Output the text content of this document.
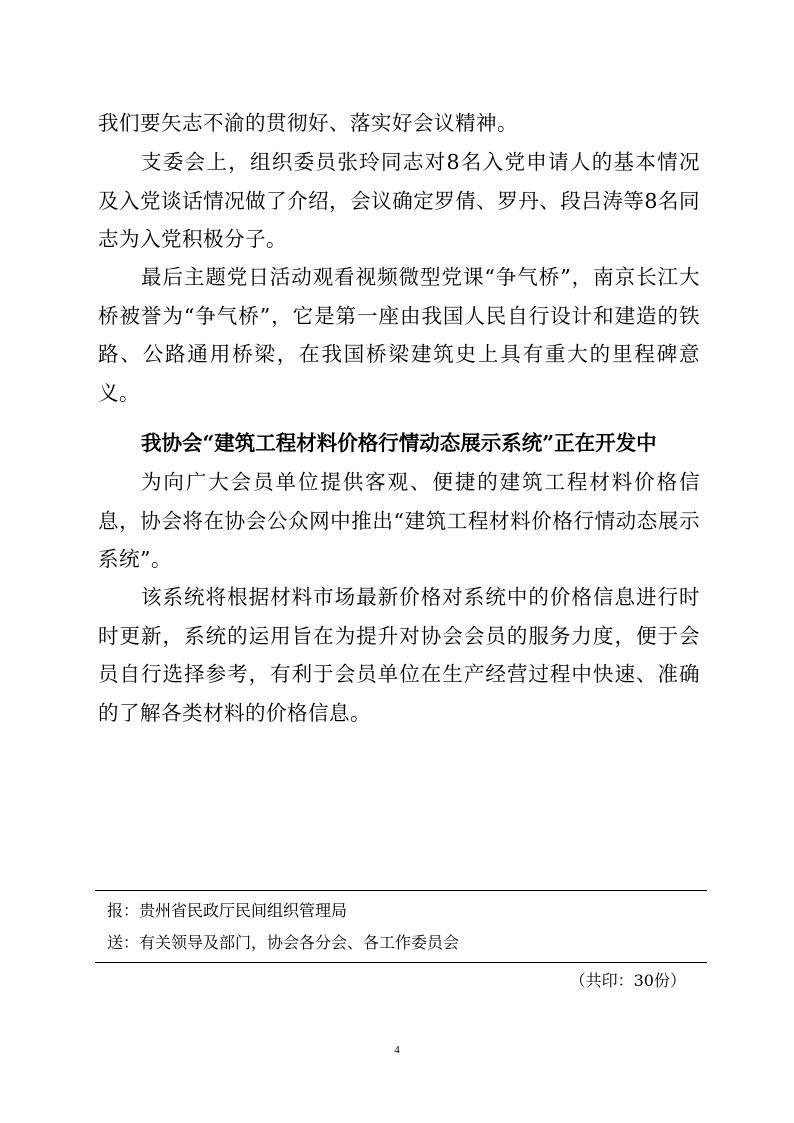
我们要矢志不渝的贯彻好、落实好会议精神。

支委会上，组织委员张玲同志对8名入党申请人的基本情况及入党谈话情况做了介绍，会议确定罗倩、罗丹、段吕涛等8名同志为入党积极分子。

最后主题党日活动观看视频微型党课“争气桥”，南京长江大桥被誉为“争气桥”，它是第一座由我国人民自行设计和建造的铁路、公路通用桥梁，在我国桥梁建筑史上具有重大的里程碑意义。

我协会“建筑工程材料价格行情动态展示系统”正在开发中

为向广大会员单位提供客观、便捷的建筑工程材料价格信息，协会将在协会公众网中推出“建筑工程材料价格行情动态展示系统”。

该系统将根据材料市场最新价格对系统中的价格信息进行时时更新，系统的运用旨在为提升对协会会员的服务力度，便于会员自行选择参考，有利于会员单位在生产经营过程中快速、准确的了解各类材料的价格信息。

报：贵州省民政厅民间组织管理局

送：有关领导及部门，协会各分会、各工作委员会

（共印：30份）

4
